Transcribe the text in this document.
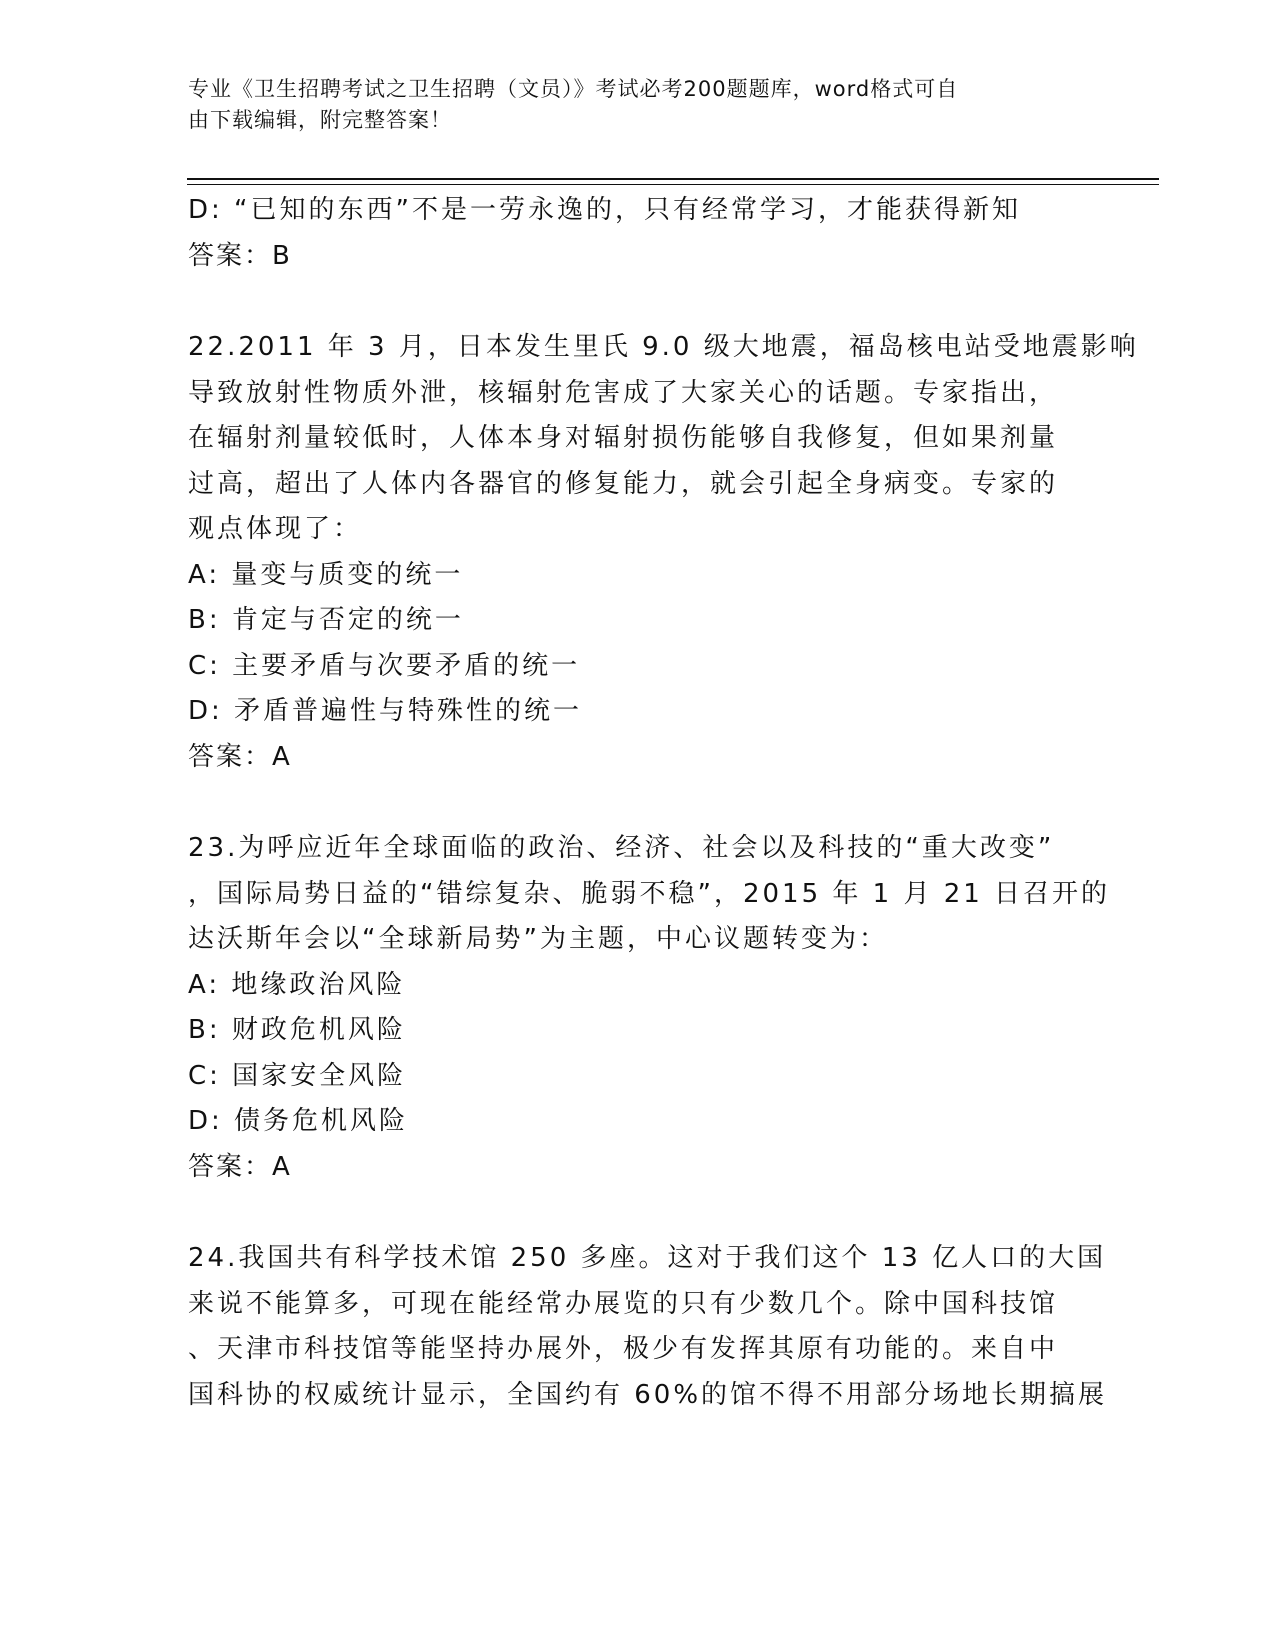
专业《卫生招聘考试之卫生招聘（文员）》考试必考200题题库，word格式可自
由下载编辑，附完整答案！
D: “已知的东西”不是一劳永逸的，只有经常学习，才能获得新知
答案：B
22.2011 年 3 月，日本发生里氏 9.0 级大地震，福岛核电站受地震影响
导致放射性物质外泄，核辐射危害成了大家关心的话题。专家指出，
在辐射剂量较低时，人体本身对辐射损伤能够自我修复，但如果剂量
过高，超出了人体内各器官的修复能力，就会引起全身病变。专家的
观点体现了：
A: 量变与质变的统一
B: 肯定与否定的统一
C: 主要矛盾与次要矛盾的统一
D: 矛盾普遍性与特殊性的统一
答案：A
23.为呼应近年全球面临的政治、经济、社会以及科技的“重大改变”
，国际局势日益的“错综复杂、脆弱不稳”，2015 年 1 月 21 日召开的
达沃斯年会以“全球新局势”为主题，中心议题转变为：
A: 地缘政治风险
B: 财政危机风险
C: 国家安全风险
D: 债务危机风险
答案：A
24.我国共有科学技术馆 250 多座。这对于我们这个 13 亿人口的大国
来说不能算多，可现在能经常办展览的只有少数几个。除中国科技馆
、天津市科技馆等能坚持办展外，极少有发挥其原有功能的。来自中
国科协的权威统计显示，全国约有 60%的馆不得不用部分场地长期搞展
